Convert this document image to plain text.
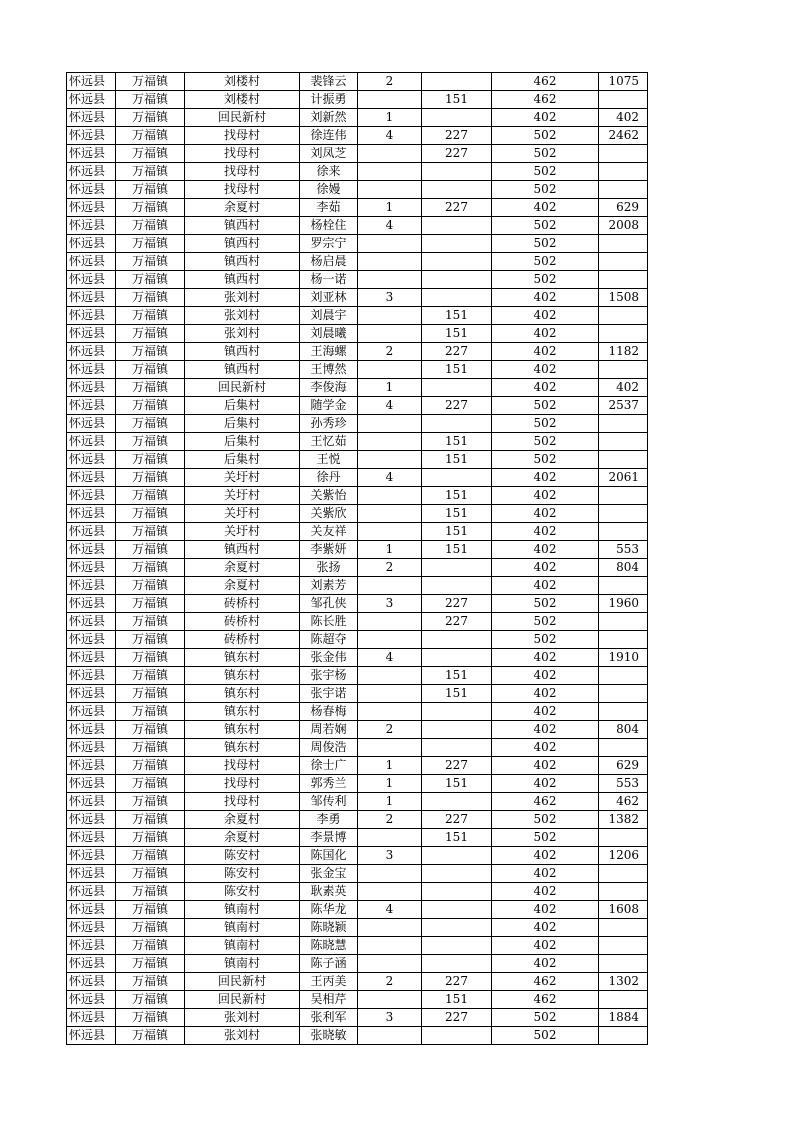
怀远县	万福镇	刘楼村	裴锋云	2		462	1075
怀远县	万福镇	刘楼村	计振勇		151	462	
怀远县	万福镇	回民新村	刘新然	1		402	402
怀远县	万福镇	找母村	徐连伟	4	227	502	2462
怀远县	万福镇	找母村	刘凤芝		227	502	
怀远县	万福镇	找母村	徐来			502	
怀远县	万福镇	找母村	徐嫚			502	
怀远县	万福镇	余夏村	李茹	1	227	402	629
怀远县	万福镇	镇西村	杨栓住	4		502	2008
怀远县	万福镇	镇西村	罗宗宁			502	
怀远县	万福镇	镇西村	杨启晨			502	
怀远县	万福镇	镇西村	杨一诺			502	
怀远县	万福镇	张刘村	刘亚林	3		402	1508
怀远县	万福镇	张刘村	刘晨宇		151	402	
怀远县	万福镇	张刘村	刘晨曦		151	402	
怀远县	万福镇	镇西村	王海螺	2	227	402	1182
怀远县	万福镇	镇西村	王博然		151	402	
怀远县	万福镇	回民新村	李俊海	1		402	402
怀远县	万福镇	后集村	随学金	4	227	502	2537
怀远县	万福镇	后集村	孙秀珍			502	
怀远县	万福镇	后集村	王忆茹		151	502	
怀远县	万福镇	后集村	王悦		151	502	
怀远县	万福镇	关圩村	徐丹	4		402	2061
怀远县	万福镇	关圩村	关紫怡		151	402	
怀远县	万福镇	关圩村	关紫欣		151	402	
怀远县	万福镇	关圩村	关友祥		151	402	
怀远县	万福镇	镇西村	李紫妍	1	151	402	553
怀远县	万福镇	余夏村	张扬	2		402	804
怀远县	万福镇	余夏村	刘素芳			402	
怀远县	万福镇	砖桥村	邹孔侠	3	227	502	1960
怀远县	万福镇	砖桥村	陈长胜		227	502	
怀远县	万福镇	砖桥村	陈超夺			502	
怀远县	万福镇	镇东村	张金伟	4		402	1910
怀远县	万福镇	镇东村	张宇杨		151	402	
怀远县	万福镇	镇东村	张宇诺		151	402	
怀远县	万福镇	镇东村	杨春梅			402	
怀远县	万福镇	镇东村	周若娴	2		402	804
怀远县	万福镇	镇东村	周俊浩			402	
怀远县	万福镇	找母村	徐士广	1	227	402	629
怀远县	万福镇	找母村	郭秀兰	1	151	402	553
怀远县	万福镇	找母村	邹传利	1		462	462
怀远县	万福镇	余夏村	李勇	2	227	502	1382
怀远县	万福镇	余夏村	李景博		151	502	
怀远县	万福镇	陈安村	陈国化	3		402	1206
怀远县	万福镇	陈安村	张金宝			402	
怀远县	万福镇	陈安村	耿素英			402	
怀远县	万福镇	镇南村	陈华龙	4		402	1608
怀远县	万福镇	镇南村	陈晓颖			402	
怀远县	万福镇	镇南村	陈晓慧			402	
怀远县	万福镇	镇南村	陈子涵			402	
怀远县	万福镇	回民新村	王丙美	2	227	462	1302
怀远县	万福镇	回民新村	吴相芹		151	462	
怀远县	万福镇	张刘村	张利军	3	227	502	1884
怀远县	万福镇	张刘村	张晓敏			502	
